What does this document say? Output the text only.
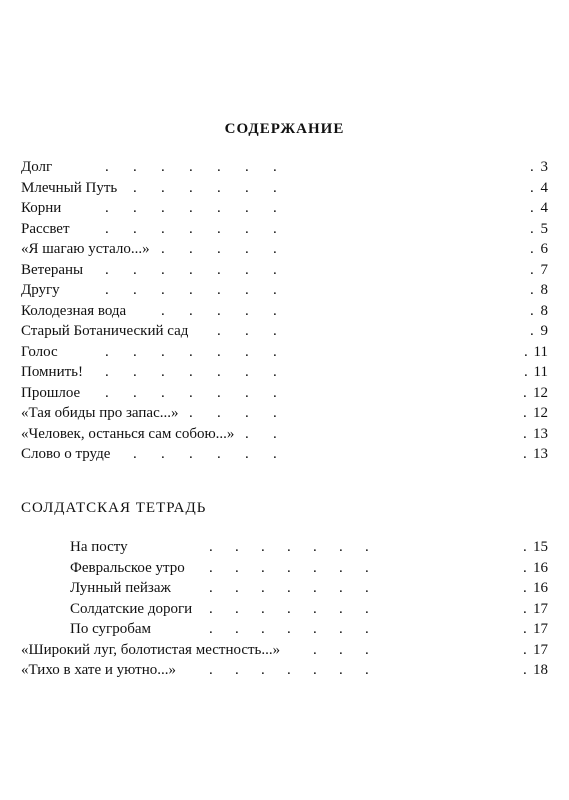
СОДЕРЖАНИЕ
Долг	. . . . . . .	. 3
Млечный Путь . . . . . .	. 4
Корни	. . . . . . .	. 4
Рассвет . . . . . . .	. 5
«Я шагаю устало...» . . . . .	. 6
Ветераны . . . . . . .	. 7
Другу	. . . . . . .	. 8
Колодезная вода . . . . .	. 8
Старый Ботанический сад . . .	. 9
Голос	. . . . . . .	. 11
Помнить! . . . . . . .	. 11
Прошлое . . . . . . .	. 12
«Тая обиды про запас...» . . . .	. 12
«Человек, останься сам собою...» . .	. 13
Слово о труде . . . . . .	. 13
СОЛДАТСКАЯ ТЕТРАДЬ
На посту	. . . . . . .	. 15
Февральское утро . . . . . . .	. 16
Лунный пейзаж	. . . . . . .	. 16
Солдатские дороги . . . . . . .	. 17
По сугробам	. . . . . . .	. 17
«Широкий луг, болотистая местность...» . . .	. 17
«Тихо в хате и уютно...» . . . . . . .	. 18
